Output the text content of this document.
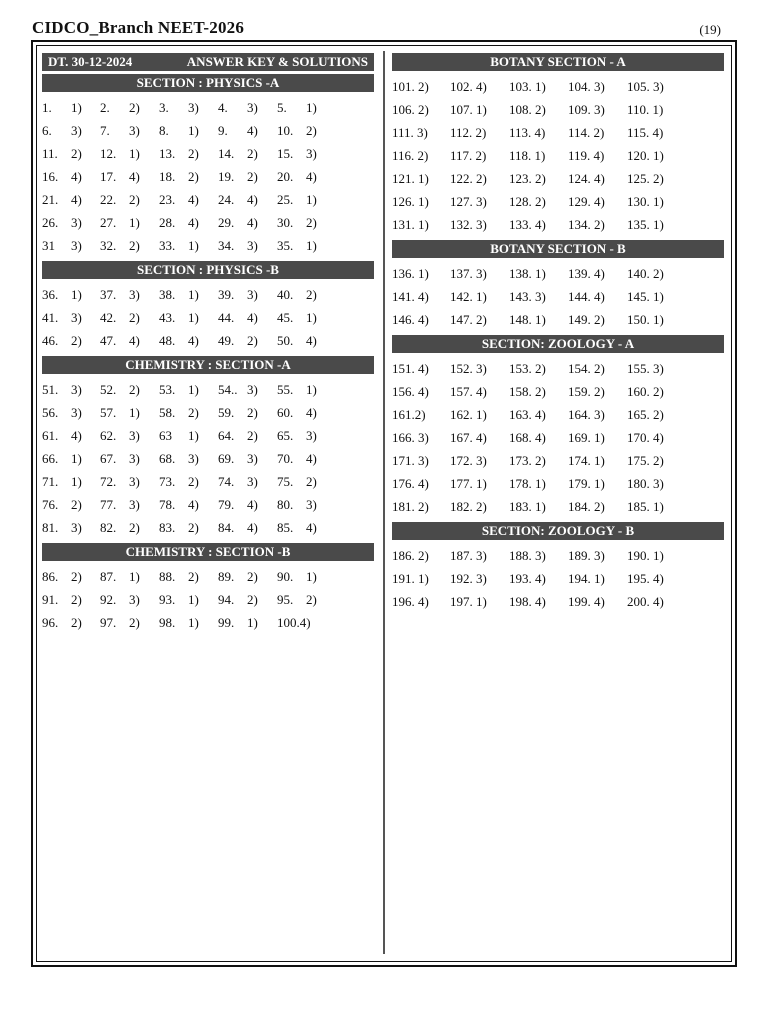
CIDCO_Branch NEET-2026	(19)
DT. 30-12-2024	ANSWER KEY & SOLUTIONS
SECTION : PHYSICS -A
1.	1)	2.	2)	3.	3)	4.	3)	5.	1)
6.	3)	7.	3)	8.	1)	9.	4)	10. 2)
11.	2)	12. 1)	13. 2)	14. 2)	15. 3)
16. 4)	17. 4)	18. 2)	19. 2)	20. 4)
21. 4)	22. 2)	23. 4)	24. 4)	25. 1)
26. 3)	27. 1)	28. 4)	29. 4)	30. 2)
31	3)	32. 2)	33. 1)	34. 3)	35. 1)
SECTION : PHYSICS -B
36. 1)	37. 3)	38. 1)	39. 3)	40. 2)
41. 3)	42. 2)	43. 1)	44. 4)	45. 1)
46. 2)	47. 4)	48. 4)	49. 2)	50. 4)
CHEMISTRY : SECTION -A
51. 3)	52. 2)	53. 1)	54.. 3)	55. 1)
56. 3)	57. 1)	58. 2)	59. 2)	60. 4)
61. 4)	62. 3)	63	1)	64. 2)	65. 3)
66. 1)	67. 3)	68. 3)	69. 3)	70. 4)
71. 1)	72. 3)	73. 2)	74. 3)	75. 2)
76. 2)	77. 3)	78. 4)	79. 4)	80. 3)
81. 3)	82. 2)	83. 2)	84. 4)	85. 4)
CHEMISTRY : SECTION -B
86. 2)	87. 1)	88. 2)	89. 2)	90. 1)
91. 2)	92. 3)	93. 1)	94. 2)	95. 2)
96. 2)	97. 2)	98. 1)	99. 1)	100.4)
BOTANY SECTION - A
101. 2)	102. 4)	103. 1)	104. 3)	105. 3)
106. 2)	107. 1)	108. 2)	109. 3)	110. 1)
111. 3)	112. 2)	113. 4)	114. 2)	115. 4)
116. 2)	117. 2)	118. 1)	119. 4)	120. 1)
121. 1)	122. 2)	123. 2)	124. 4)	125. 2)
126. 1)	127. 3)	128. 2)	129. 4)	130. 1)
131. 1)	132. 3)	133. 4)	134. 2)	135. 1)
BOTANY SECTION - B
136. 1)	137. 3)	138. 1)	139. 4)	140. 2)
141. 4)	142. 1)	143. 3)	144. 4)	145. 1)
146. 4)	147. 2)	148. 1)	149. 2)	150. 1)
SECTION: ZOOLOGY - A
151. 4)	152. 3)	153. 2)	154. 2)	155. 3)
156. 4)	157. 4)	158. 2)	159. 2)	160. 2)
161.2)	162. 1)	163. 4)	164. 3)	165. 2)
166. 3)	167. 4)	168. 4)	169. 1)	170. 4)
171. 3)	172. 3)	173. 2)	174. 1)	175. 2)
176. 4)	177. 1)	178. 1)	179. 1)	180. 3)
181. 2)	182. 2)	183. 1)	184. 2)	185. 1)
SECTION: ZOOLOGY - B
186. 2)	187. 3)	188. 3)	189. 3)	190. 1)
191. 1)	192. 3)	193. 4)	194. 1)	195. 4)
196. 4)	197. 1)	198. 4)	199. 4)	200. 4)
